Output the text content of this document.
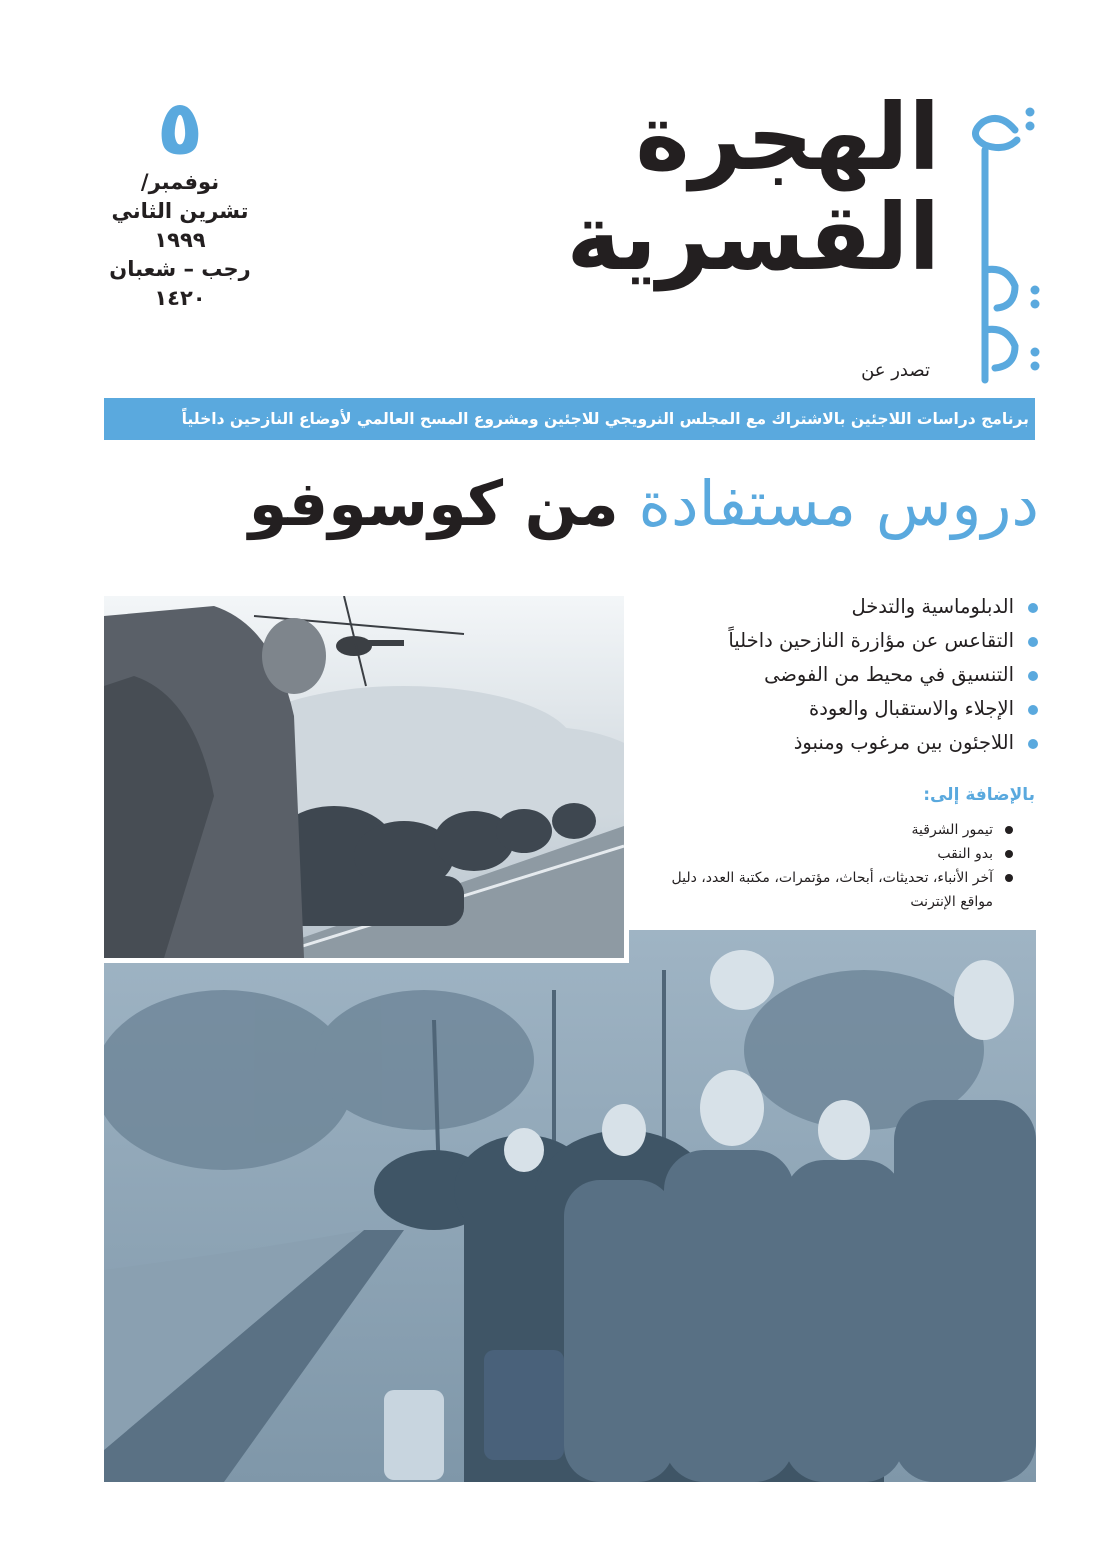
٥
نوفمبر/
تشرين الثاني
١٩٩٩
رجب – شعبان
١٤٢٠
الهجرة
القسرية
تصدر عن
برنامج دراسات اللاجئين بالاشتراك مع المجلس النرويجي للاجئين ومشروع المسح العالمي لأوضاع النازحين داخلياً
دروس مستفادة من كوسوفو
الدبلوماسية والتدخل
التقاعس عن مؤازرة النازحين داخلياً
التنسيق في محيط من الفوضى
الإجلاء والاستقبال والعودة
اللاجئون بين مرغوب ومنبوذ
بالإضافة إلى:
تيمور الشرقية
بدو النقب
آخر الأنباء، تحديثات، أبحاث، مؤتمرات، مكتبة العدد، دليل مواقع الإنترنت
